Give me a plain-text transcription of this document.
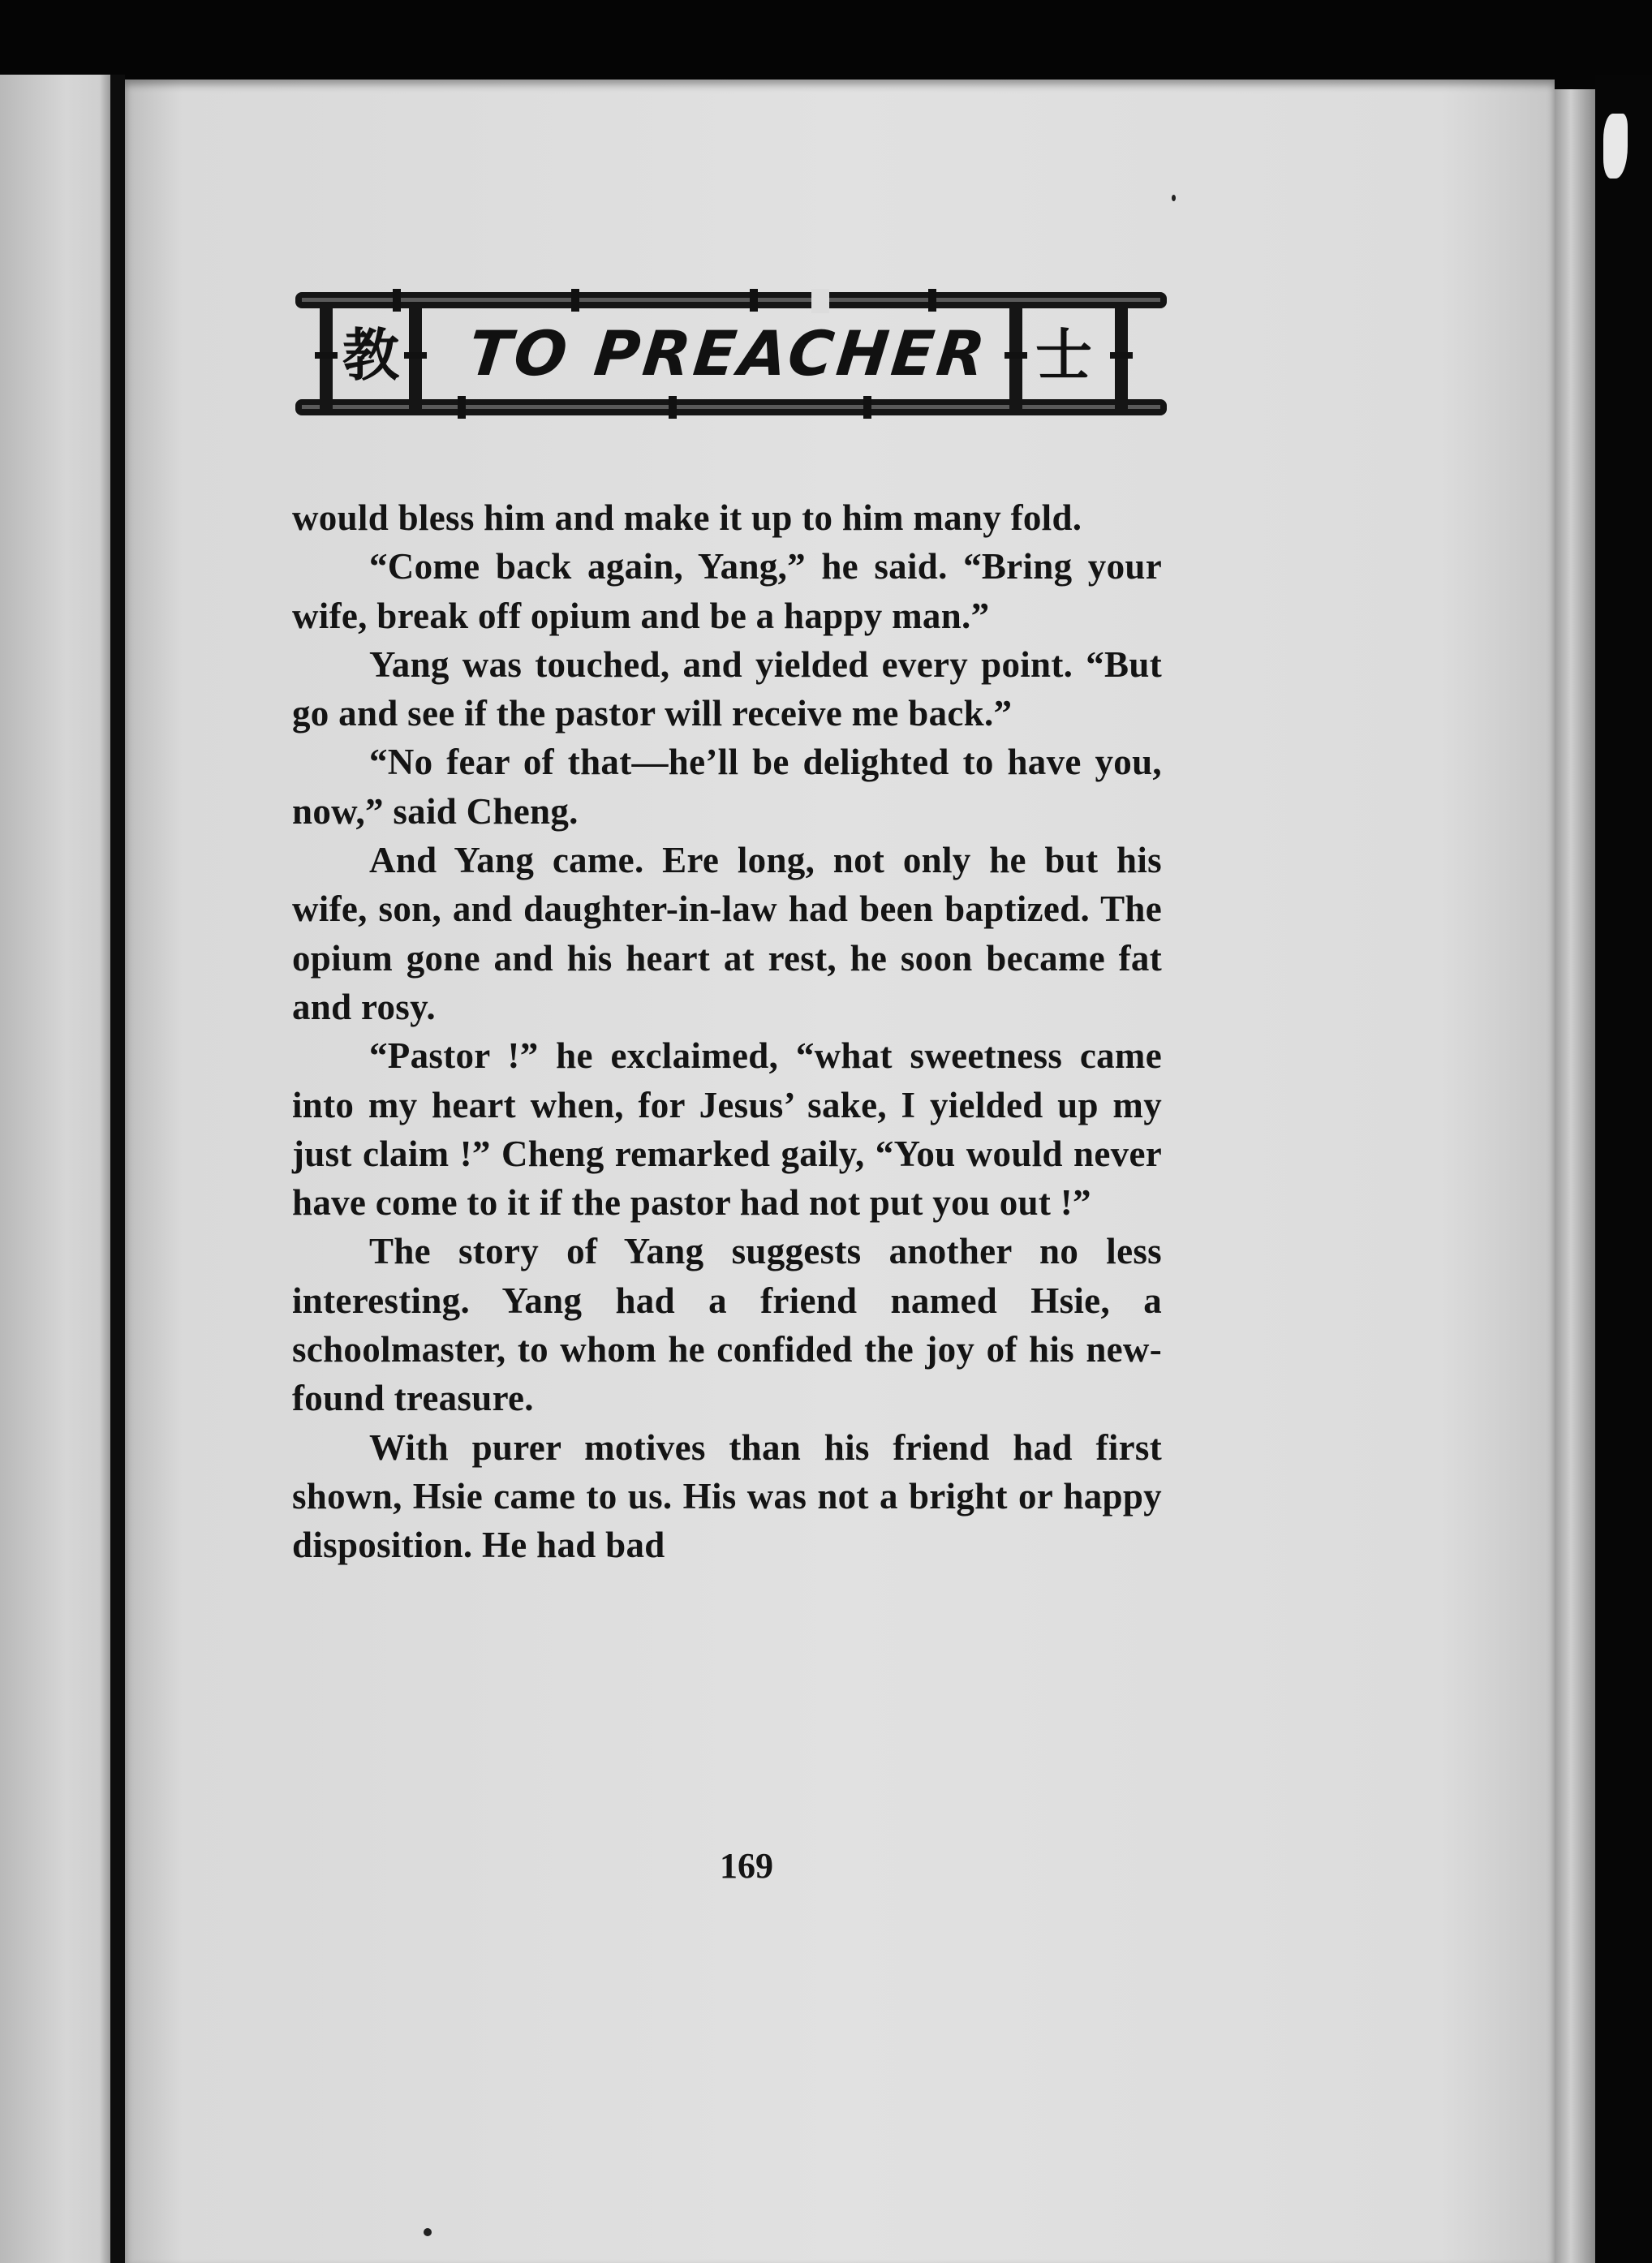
教 TO PREACHER 士

would bless him and make it up to him many fold.

“Come back again, Yang,” he said. “Bring your wife, break off opium and be a happy man.”

Yang was touched, and yielded every point. “But go and see if the pastor will receive me back.”

“No fear of that—he’ll be delighted to have you, now,” said Cheng.

And Yang came. Ere long, not only he but his wife, son, and daughter-in-law had been baptized. The opium gone and his heart at rest, he soon became fat and rosy.

“Pastor !” he exclaimed, “what sweetness came into my heart when, for Jesus’ sake, I yielded up my just claim !” Cheng remarked gaily, “You would never have come to it if the pastor had not put you out !”

The story of Yang suggests another no less interesting. Yang had a friend named Hsie, a schoolmaster, to whom he confided the joy of his new-found treasure.

With purer motives than his friend had first shown, Hsie came to us. His was not a bright or happy disposition. He had bad

169
